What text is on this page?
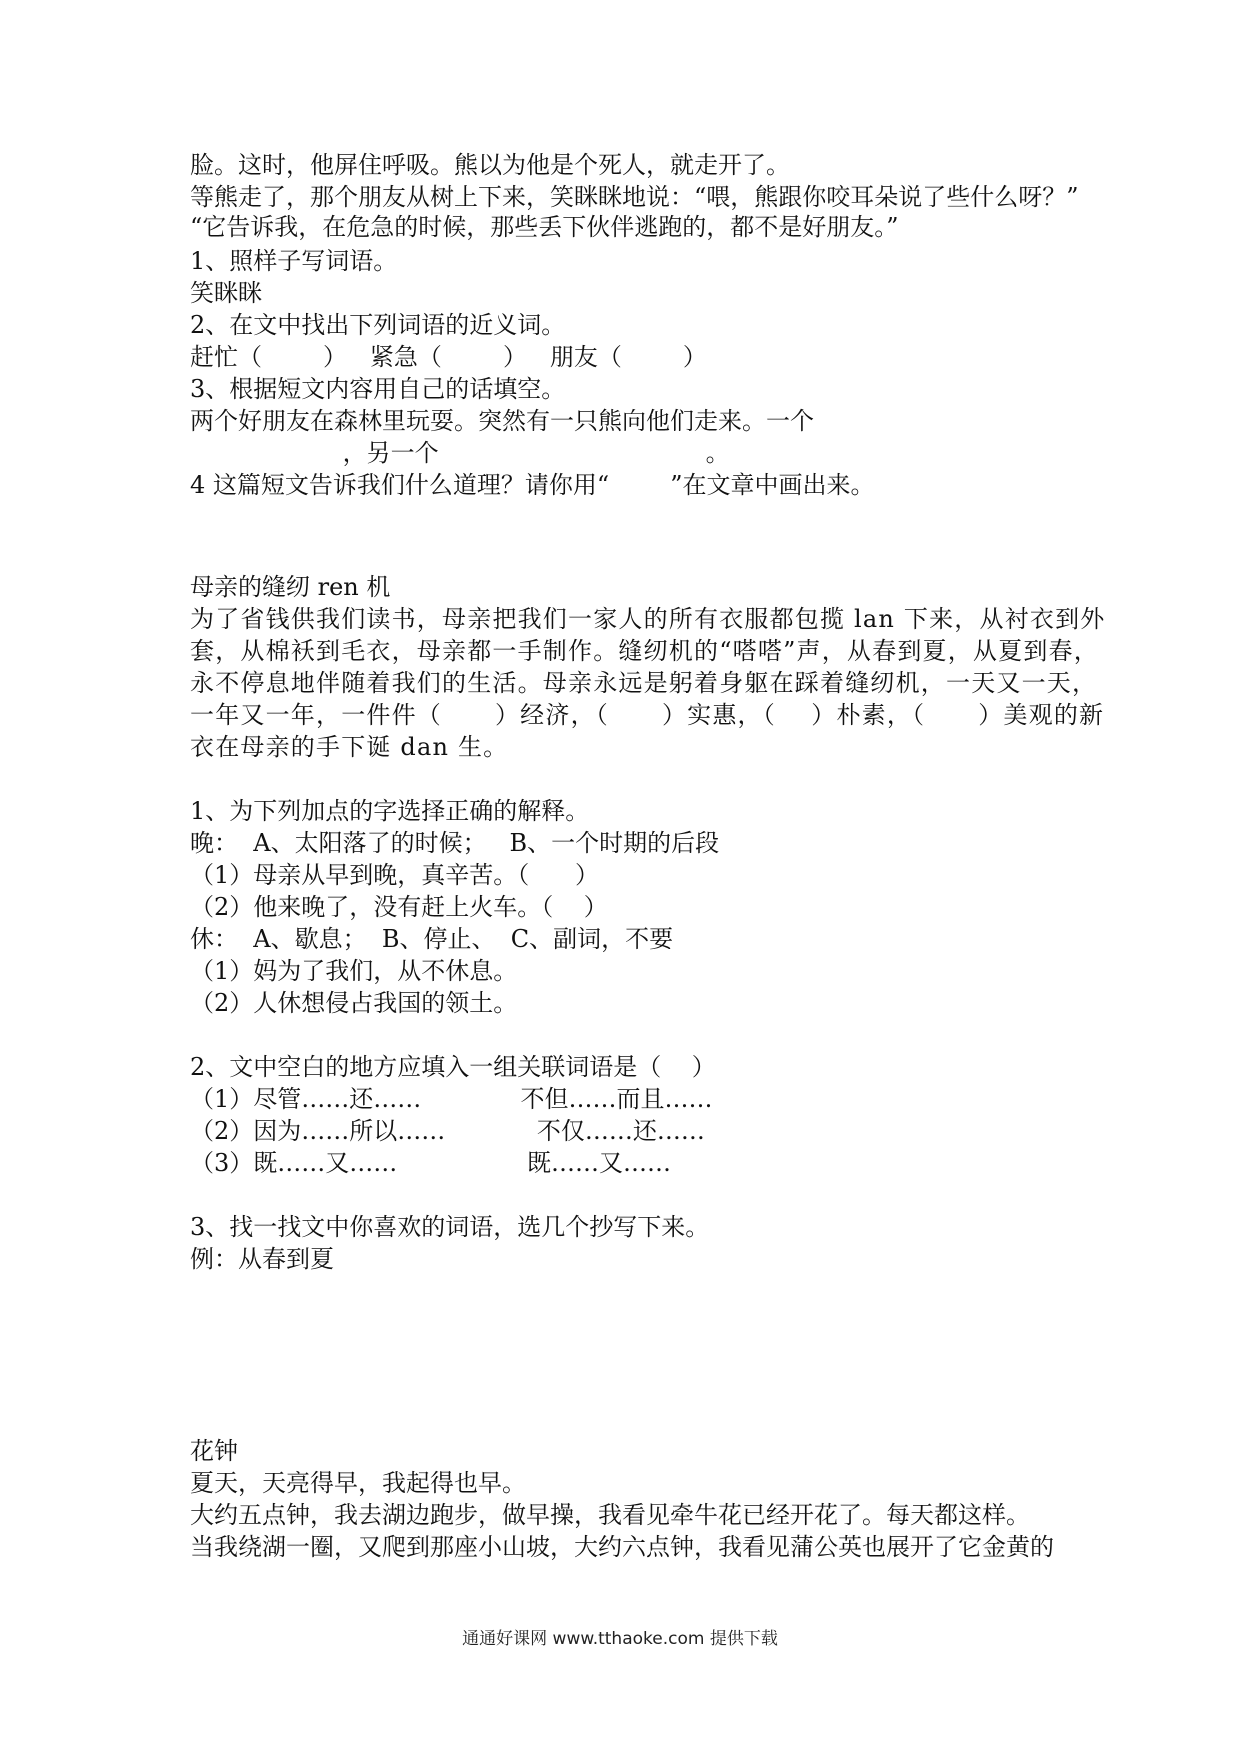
脸。这时，他屏住呼吸。熊以为他是个死人，就走开了。
等熊走了，那个朋友从树上下来，笑眯眯地说：“喂，熊跟你咬耳朵说了些什么呀？”
“它告诉我，在危急的时候，那些丢下伙伴逃跑的，都不是好朋友。”
1、照样子写词语。
笑眯眯
2、在文中找出下列词语的近义词。
赶忙（        ）   紧急（        ）   朋友（        ）
3、根据短文内容用自己的话填空。
两个好朋友在森林里玩耍。突然有一只熊向他们走来。一个
，另一个                                   。
4 这篇短文告诉我们什么道理？请你用“        ”在文章中画出来。
母亲的缝纫 ren 机
为了省钱供我们读书，母亲把我们一家人的所有衣服都包揽 lan 下来，从衬衣到外
套，从棉袄到毛衣，母亲都一手制作。缝纫机的“嗒嗒”声，从春到夏，从夏到春，
永不停息地伴随着我们的生活。母亲永远是躬着身躯在踩着缝纫机，一天又一天，
一年又一年，一件件（      ）经济，（      ）实惠，（    ）朴素，（      ）美观的新
衣在母亲的手下诞 dan 生。
1、为下列加点的字选择正确的解释。
晚：  A、太阳落了的时候；   B、一个时期的后段
（1）母亲从早到晚，真辛苦。（      ）
（2）他来晚了，没有赶上火车。（    ）
休：  A、歇息；  B、停止、  C、副词，不要
（1）妈为了我们，从不休息。
（2）人休想侵占我国的领土。
2、文中空白的地方应填入一组关联词语是（    ）
（1）尽管……还……             不但……而且……
（2）因为……所以……            不仅……还……
（3）既……又……                 既……又……
3、找一找文中你喜欢的词语，选几个抄写下来。
例：从春到夏
花钟
夏天，天亮得早，我起得也早。
大约五点钟，我去湖边跑步，做早操，我看见牵牛花已经开花了。每天都这样。
当我绕湖一圈，又爬到那座小山坡，大约六点钟，我看见蒲公英也展开了它金黄的
通通好课网 www.tthaoke.com 提供下载
